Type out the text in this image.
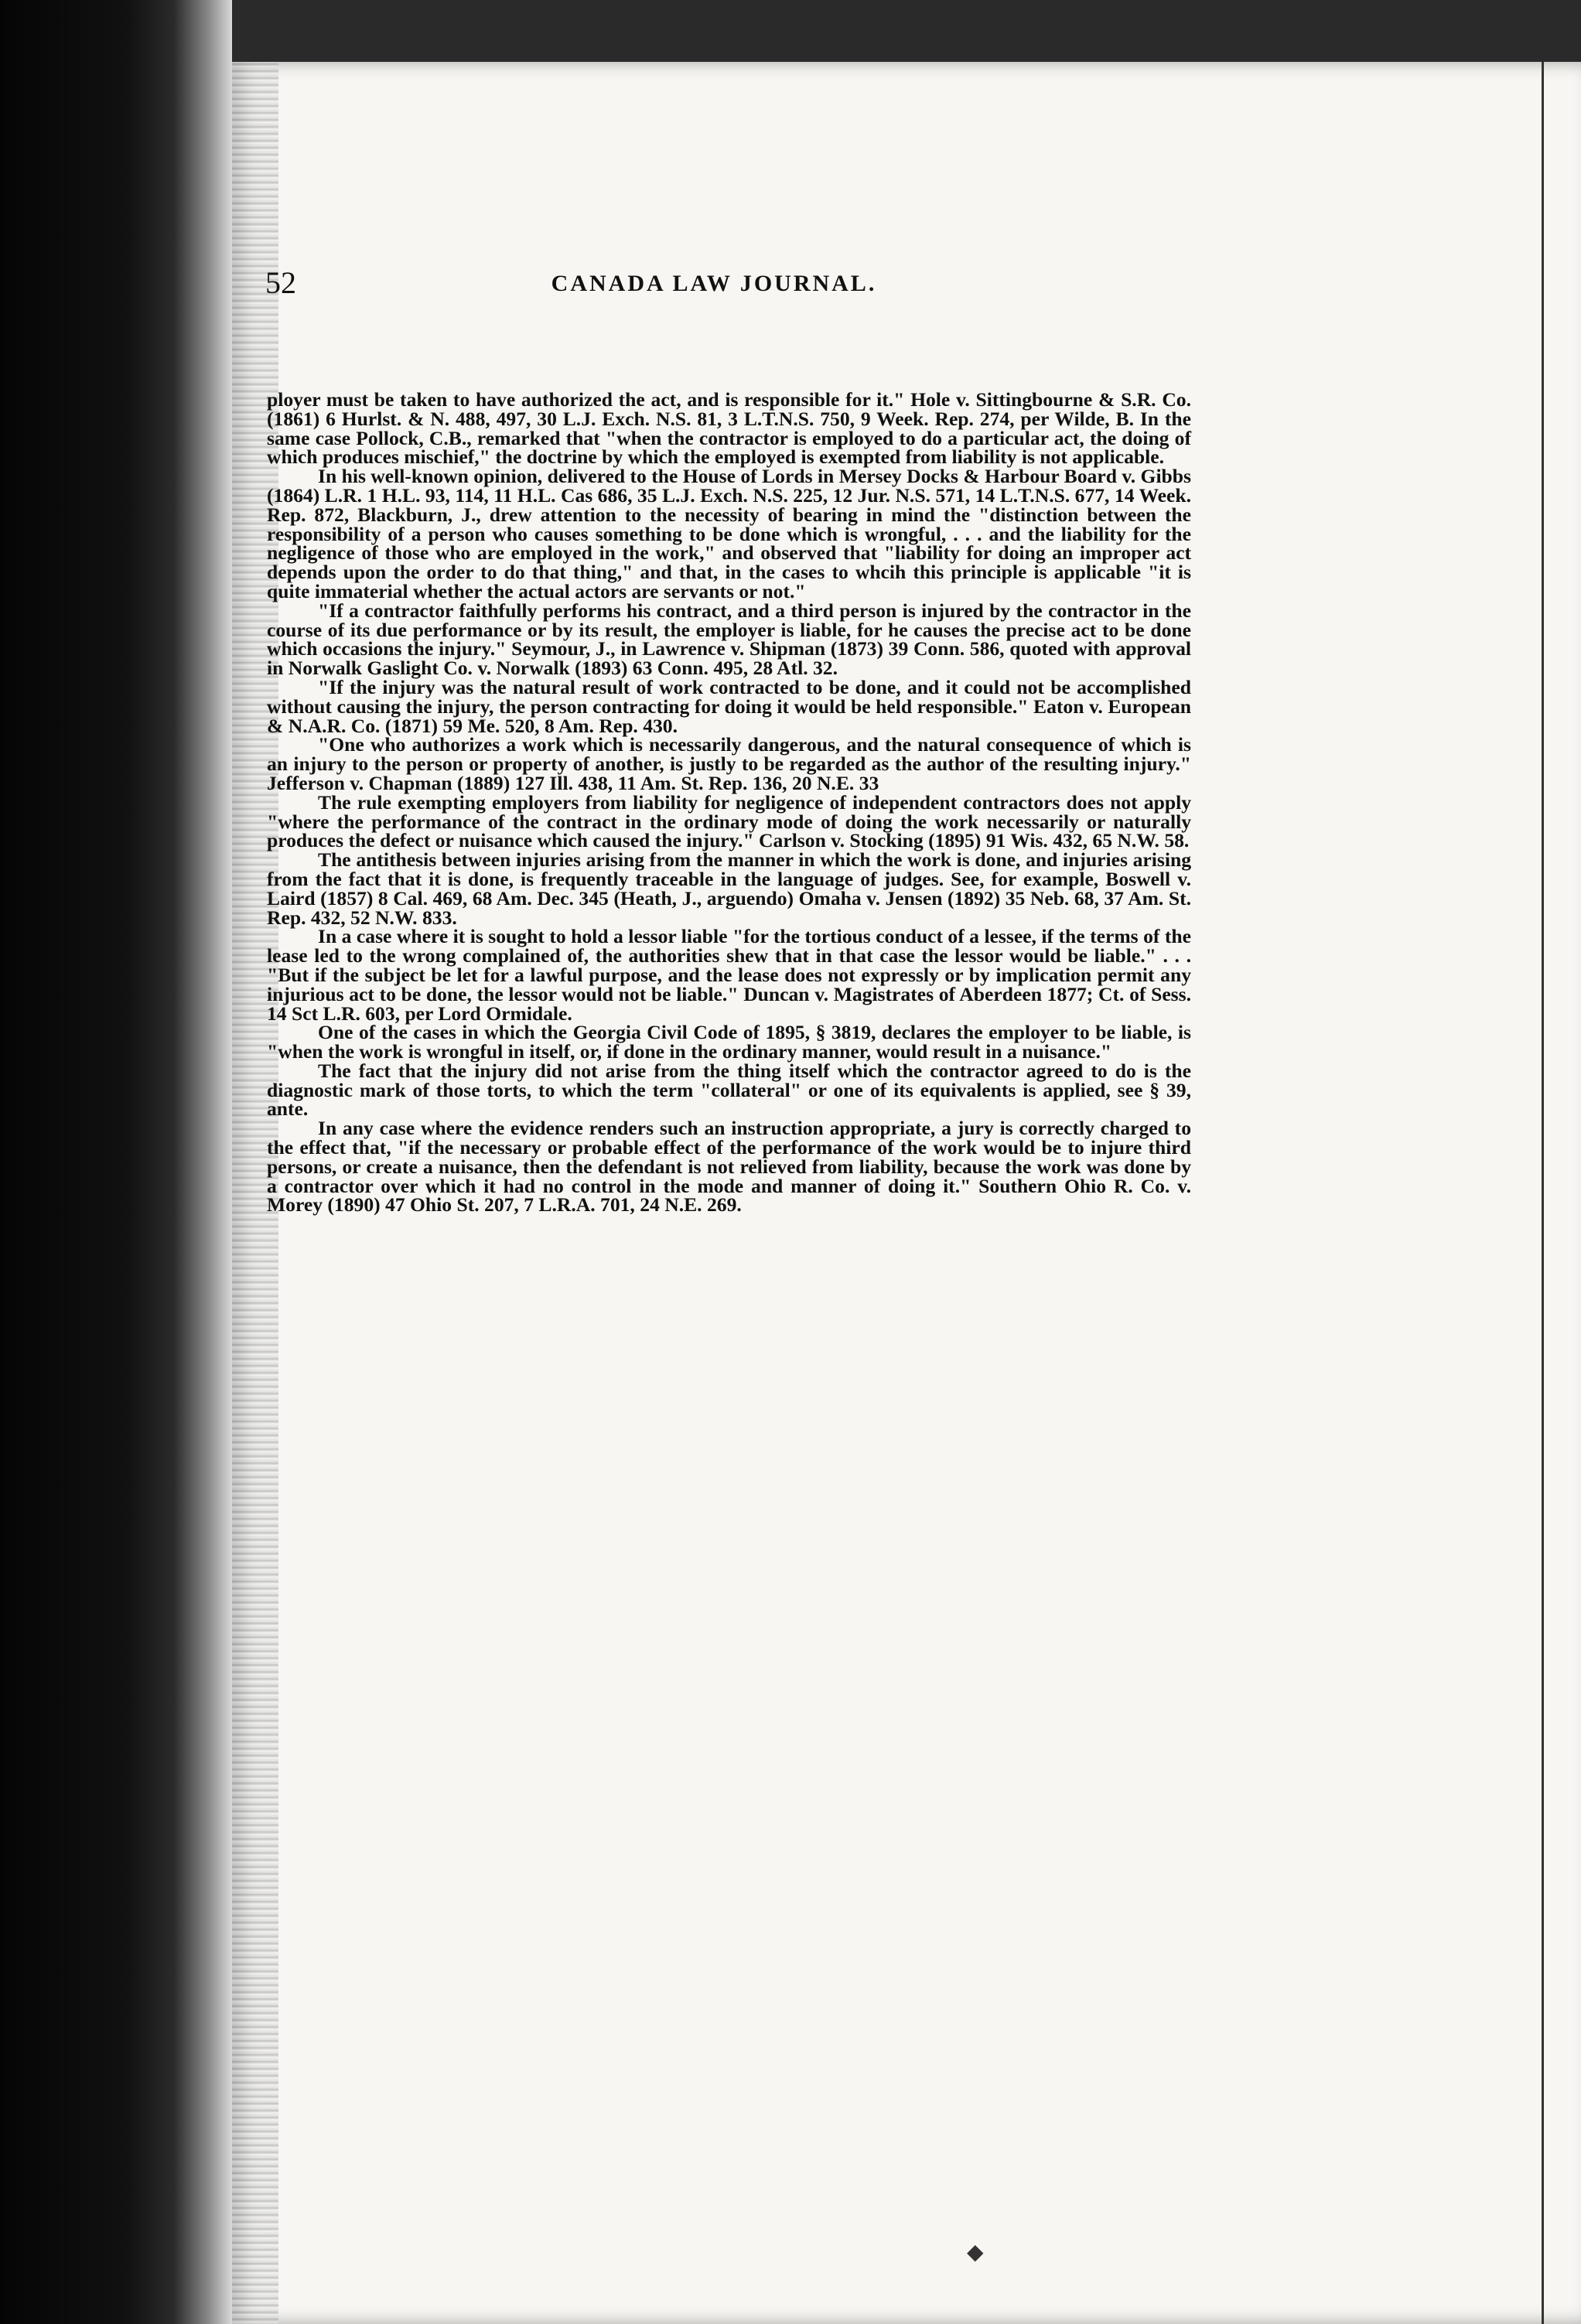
52	CANADA LAW JOURNAL.

ployer must be taken to have authorized the act, and is responsible for it." Hole v. Sittingbourne & S.R. Co. (1861) 6 Hurlst. & N. 488, 497, 30 L.J. Exch. N.S. 81, 3 L.T.N.S. 750, 9 Week. Rep. 274, per Wilde, B. In the same case Pollock, C.B., remarked that "when the contractor is employed to do a particular act, the doing of which produces mischief," the doctrine by which the employed is exempted from liability is not applicable.

In his well-known opinion, delivered to the House of Lords in Mersey Docks & Harbour Board v. Gibbs (1864) L.R. 1 H.L. 93, 114, 11 H.L. Cas 686, 35 L.J. Exch. N.S. 225, 12 Jur. N.S. 571, 14 L.T.N.S. 677, 14 Week. Rep. 872, Blackburn, J., drew attention to the necessity of bearing in mind the "distinction between the responsibility of a person who causes something to be done which is wrongful, . . . and the liability for the negligence of those who are employed in the work," and observed that "liability for doing an improper act depends upon the order to do that thing," and that, in the cases to whcih this principle is applicable "it is quite immaterial whether the actual actors are servants or not."

"If a contractor faithfully performs his contract, and a third person is injured by the contractor in the course of its due performance or by its result, the employer is liable, for he causes the precise act to be done which occasions the injury." Seymour, J., in Lawrence v. Shipman (1873) 39 Conn. 586, quoted with approval in Norwalk Gaslight Co. v. Norwalk (1893) 63 Conn. 495, 28 Atl. 32.

"If the injury was the natural result of work contracted to be done, and it could not be accomplished without causing the injury, the person contracting for doing it would be held responsible." Eaton v. European & N.A.R. Co. (1871) 59 Me. 520, 8 Am. Rep. 430.

"One who authorizes a work which is necessarily dangerous, and the natural consequence of which is an injury to the person or property of another, is justly to be regarded as the author of the resulting injury." Jefferson v. Chapman (1889) 127 Ill. 438, 11 Am. St. Rep. 136, 20 N.E. 33

The rule exempting employers from liability for negligence of independent contractors does not apply "where the performance of the contract in the ordinary mode of doing the work necessarily or naturally produces the defect or nuisance which caused the injury." Carlson v. Stocking (1895) 91 Wis. 432, 65 N.W. 58.

The antithesis between injuries arising from the manner in which the work is done, and injuries arising from the fact that it is done, is frequently traceable in the language of judges. See, for example, Boswell v. Laird (1857) 8 Cal. 469, 68 Am. Dec. 345 (Heath, J., arguendo) Omaha v. Jensen (1892) 35 Neb. 68, 37 Am. St. Rep. 432, 52 N.W. 833.

In a case where it is sought to hold a lessor liable "for the tortious conduct of a lessee, if the terms of the lease led to the wrong complained of, the authorities shew that in that case the lessor would be liable." . . . "But if the subject be let for a lawful purpose, and the lease does not expressly or by implication permit any injurious act to be done, the lessor would not be liable." Duncan v. Magistrates of Aberdeen 1877; Ct. of Sess. 14 Sct L.R. 603, per Lord Ormidale.

One of the cases in which the Georgia Civil Code of 1895, § 3819, declares the employer to be liable, is "when the work is wrongful in itself, or, if done in the ordinary manner, would result in a nuisance."

The fact that the injury did not arise from the thing itself which the contractor agreed to do is the diagnostic mark of those torts, to which the term "collateral" or one of its equivalents is applied, see § 39, ante.

In any case where the evidence renders such an instruction appropriate, a jury is correctly charged to the effect that, "if the necessary or probable effect of the performance of the work would be to injure third persons, or create a nuisance, then the defendant is not relieved from liability, because the work was done by a contractor over which it had no control in the mode and manner of doing it." Southern Ohio R. Co. v. Morey (1890) 47 Ohio St. 207, 7 L.R.A. 701, 24 N.E. 269.

◆
